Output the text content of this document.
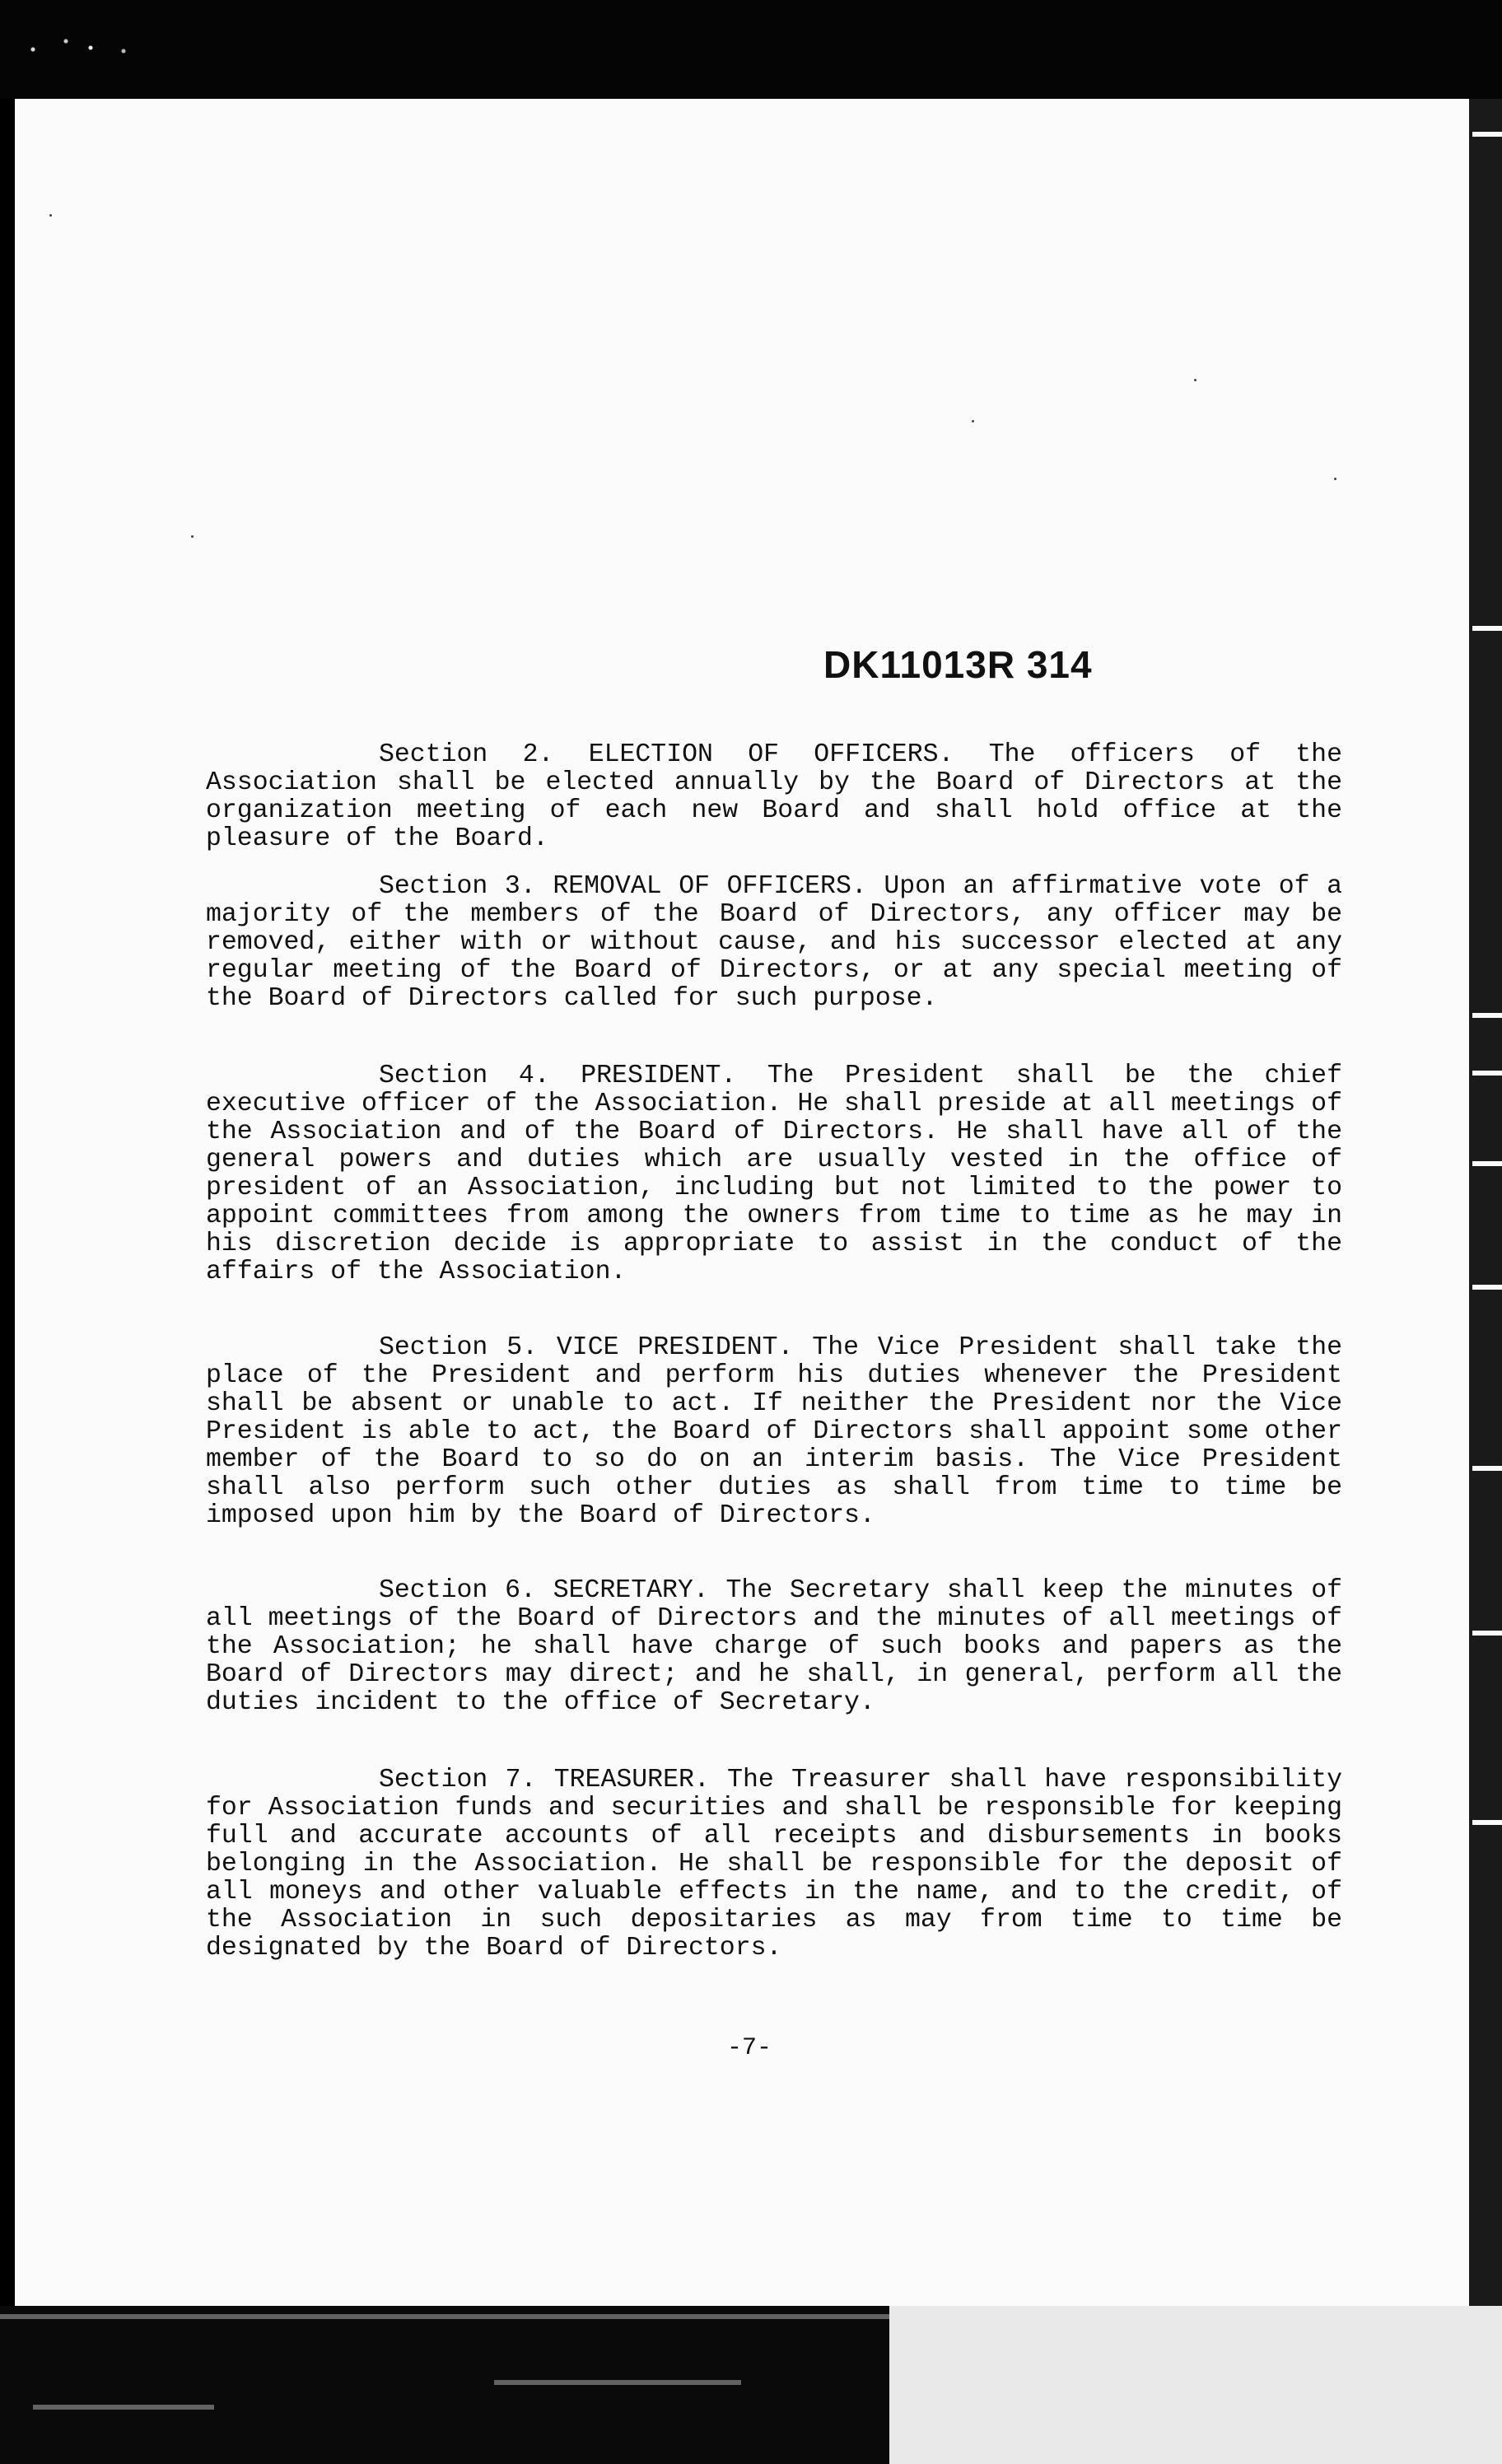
DK11013R 314
Section 2. ELECTION OF OFFICERS. The officers of the Association shall be elected annually by the Board of Directors at the organization meeting of each new Board and shall hold office at the pleasure of the Board.
Section 3. REMOVAL OF OFFICERS. Upon an affirmative vote of a majority of the members of the Board of Directors, any officer may be removed, either with or without cause, and his successor elected at any regular meeting of the Board of Directors, or at any special meeting of the Board of Directors called for such purpose.
Section 4. PRESIDENT. The President shall be the chief executive officer of the Association. He shall preside at all meetings of the Association and of the Board of Directors. He shall have all of the general powers and duties which are usually vested in the office of president of an Association, including but not limited to the power to appoint committees from among the owners from time to time as he may in his discretion decide is appropriate to assist in the conduct of the affairs of the Association.
Section 5. VICE PRESIDENT. The Vice President shall take the place of the President and perform his duties whenever the President shall be absent or unable to act. If neither the President nor the Vice President is able to act, the Board of Directors shall appoint some other member of the Board to so do on an interim basis. The Vice President shall also perform such other duties as shall from time to time be imposed upon him by the Board of Directors.
Section 6. SECRETARY. The Secretary shall keep the minutes of all meetings of the Board of Directors and the minutes of all meetings of the Association; he shall have charge of such books and papers as the Board of Directors may direct; and he shall, in general, perform all the duties incident to the office of Secretary.
Section 7. TREASURER. The Treasurer shall have responsibility for Association funds and securities and shall be responsible for keeping full and accurate accounts of all receipts and disbursements in books belonging in the Association. He shall be responsible for the deposit of all moneys and other valuable effects in the name, and to the credit, of the Association in such depositaries as may from time to time be designated by the Board of Directors.
-7-
